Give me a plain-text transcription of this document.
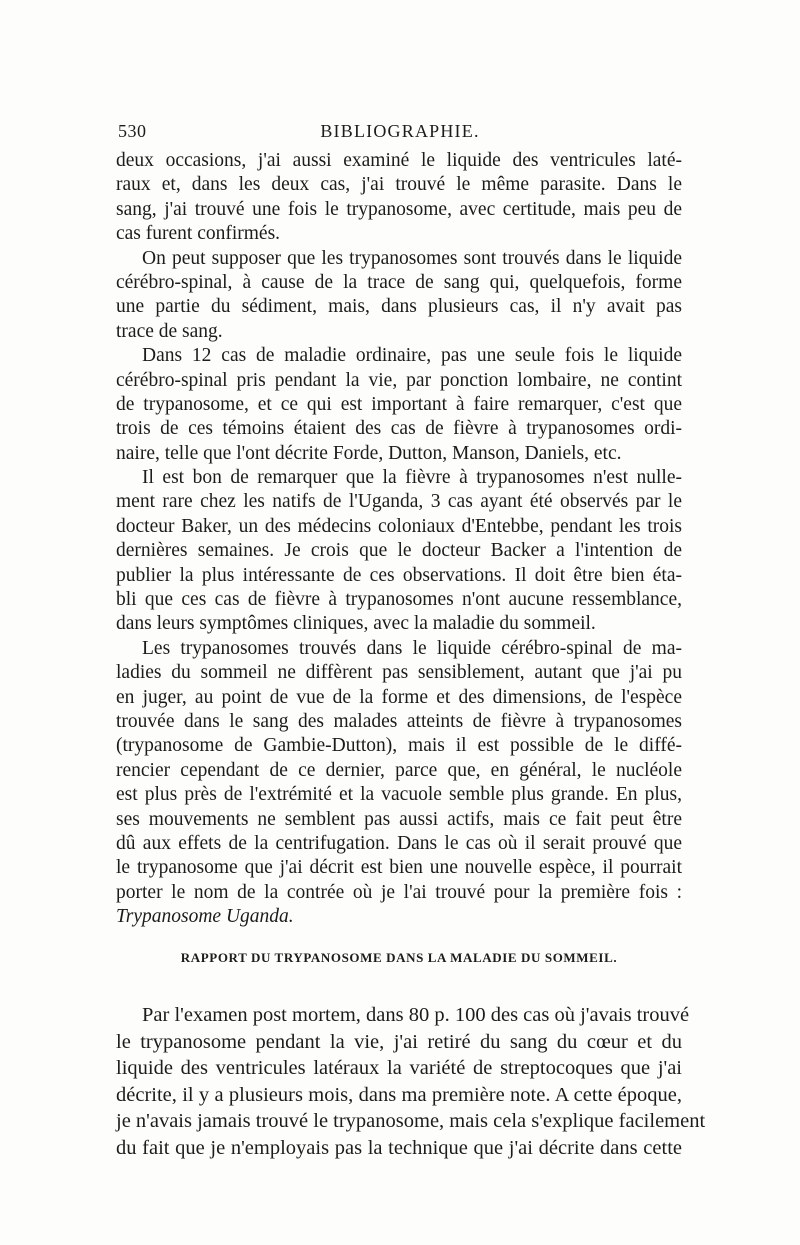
530	BIBLIOGRAPHIE.
deux occasions, j'ai aussi examiné le liquide des ventricules laté-
raux et, dans les deux cas, j'ai trouvé le même parasite. Dans le
sang, j'ai trouvé une fois le trypanosome, avec certitude, mais peu de
cas furent confirmés.
On peut supposer que les trypanosomes sont trouvés dans le liquide
cérébro-spinal, à cause de la trace de sang qui, quelquefois, forme
une partie du sédiment, mais, dans plusieurs cas, il n'y avait pas
trace de sang.
Dans 12 cas de maladie ordinaire, pas une seule fois le liquide
cérébro-spinal pris pendant la vie, par ponction lombaire, ne contint
de trypanosome, et ce qui est important à faire remarquer, c'est que
trois de ces témoins étaient des cas de fièvre à trypanosomes ordi-
naire, telle que l'ont décrite Forde, Dutton, Manson, Daniels, etc.
Il est bon de remarquer que la fièvre à trypanosomes n'est nulle-
ment rare chez les natifs de l'Uganda, 3 cas ayant été observés par le
docteur Baker, un des médecins coloniaux d'Entebbe, pendant les trois
dernières semaines. Je crois que le docteur Backer a l'intention de
publier la plus intéressante de ces observations. Il doit être bien éta-
bli que ces cas de fièvre à trypanosomes n'ont aucune ressemblance,
dans leurs symptômes cliniques, avec la maladie du sommeil.
Les trypanosomes trouvés dans le liquide cérébro-spinal de ma-
ladies du sommeil ne diffèrent pas sensiblement, autant que j'ai pu
en juger, au point de vue de la forme et des dimensions, de l'espèce
trouvée dans le sang des malades atteints de fièvre à trypanosomes
(trypanosome de Gambie-Dutton), mais il est possible de le diffé-
rencier cependant de ce dernier, parce que, en général, le nucléole
est plus près de l'extrémité et la vacuole semble plus grande. En plus,
ses mouvements ne semblent pas aussi actifs, mais ce fait peut être
dû aux effets de la centrifugation. Dans le cas où il serait prouvé que
le trypanosome que j'ai décrit est bien une nouvelle espèce, il pourrait
porter le nom de la contrée où je l'ai trouvé pour la première fois :
Trypanosome Uganda.
RAPPORT DU TRYPANOSOME DANS LA MALADIE DU SOMMEIL.
Par l'examen post mortem, dans 80 p. 100 des cas où j'avais trouvé
le trypanosome pendant la vie, j'ai retiré du sang du cœur et du
liquide des ventricules latéraux la variété de streptocoques que j'ai
décrite, il y a plusieurs mois, dans ma première note. A cette époque,
je n'avais jamais trouvé le trypanosome, mais cela s'explique facilement
du fait que je n'employais pas la technique que j'ai décrite dans cette
